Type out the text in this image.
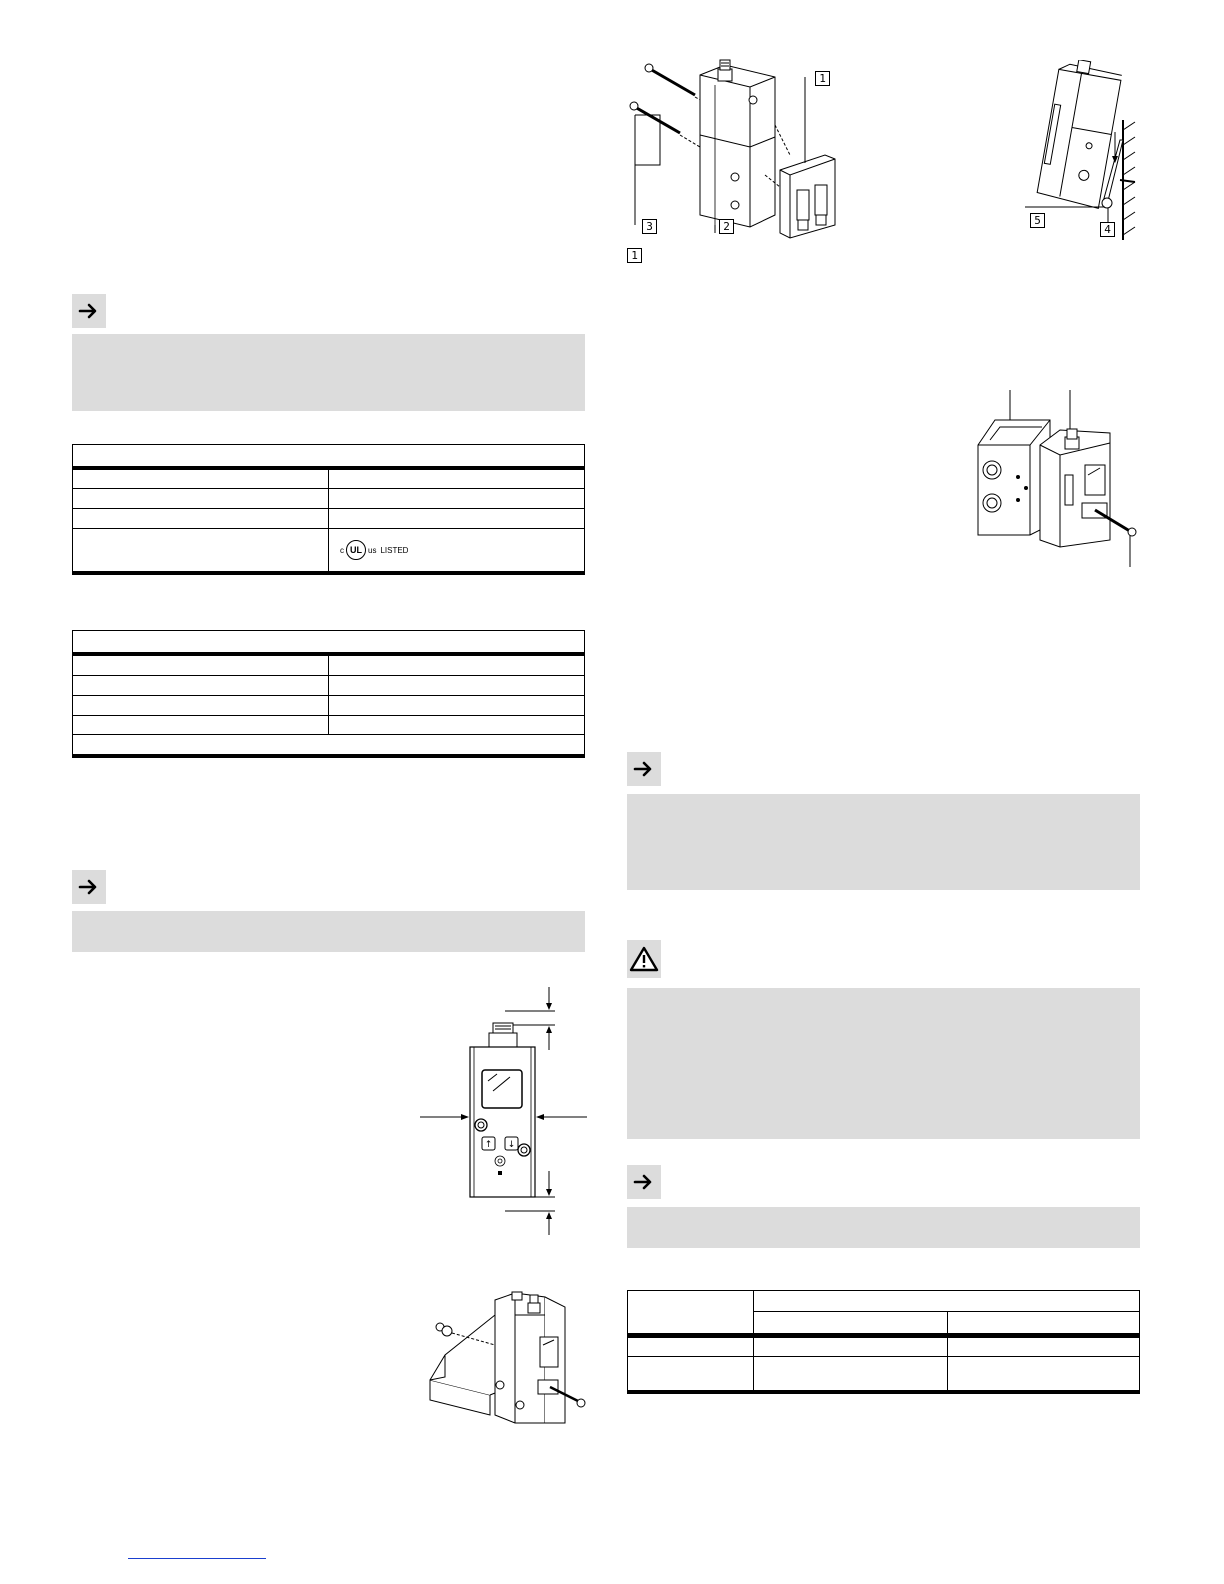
c UL us LISTED
↑ ↓
1
3	2
1
5
4
